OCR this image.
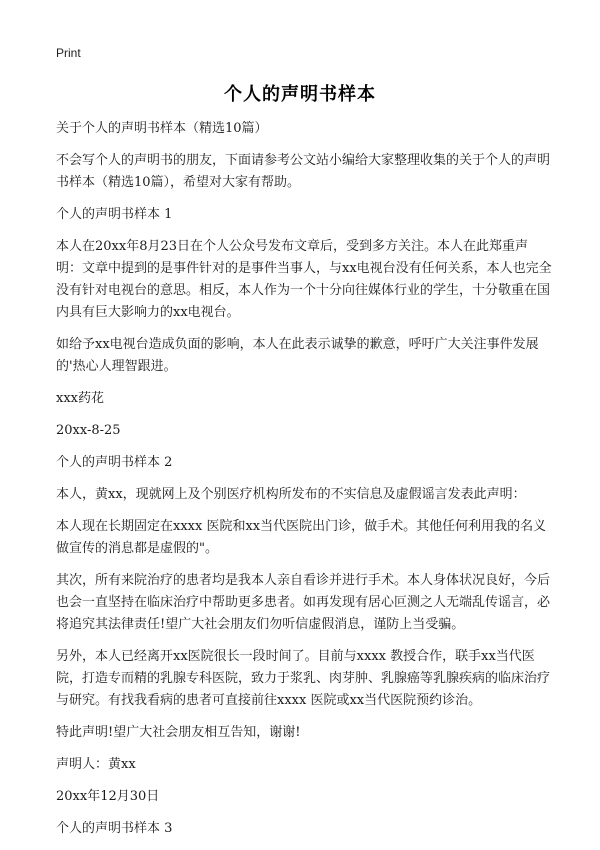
Print
个人的声明书样本

关于个人的声明书样本（精选10篇）

不会写个人的声明书的朋友，下面请参考公文站小编给大家整理收集的关于个人的声明书样本（精选10篇），希望对大家有帮助。

个人的声明书样本 1

本人在20xx年8月23日在个人公众号发布文章后，受到多方关注。本人在此郑重声明：文章中提到的是事件针对的是事件当事人，与xx电视台没有任何关系，本人也完全没有针对电视台的意思。相反，本人作为一个十分向往媒体行业的学生，十分敬重在国内具有巨大影响力的xx电视台。

如给予xx电视台造成负面的影响，本人在此表示诚挚的歉意，呼吁广大关注事件发展的'热心人理智跟进。

xxx药花

20xx-8-25

个人的声明书样本 2

本人，黄xx，现就网上及个别医疗机构所发布的不实信息及虚假谣言发表此声明：

本人现在长期固定在xxxx 医院和xx当代医院出门诊，做手术。其他任何利用我的名义做宣传的消息都是虚假的"。

其次，所有来院治疗的患者均是我本人亲自看诊并进行手术。本人身体状况良好，今后也会一直坚持在临床治疗中帮助更多患者。如再发现有居心叵测之人无端乱传谣言，必将追究其法律责任!望广大社会朋友们勿听信虚假消息，谨防上当受骗。

另外，本人已经离开xx医院很长一段时间了。目前与xxxx 教授合作，联手xx当代医院，打造专而精的乳腺专科医院，致力于浆乳、肉芽肿、乳腺癌等乳腺疾病的临床治疗与研究。有找我看病的患者可直接前往xxxx 医院或xx当代医院预约诊治。

特此声明!望广大社会朋友相互告知，谢谢!

声明人：黄xx

20xx年12月30日

个人的声明书样本 3
